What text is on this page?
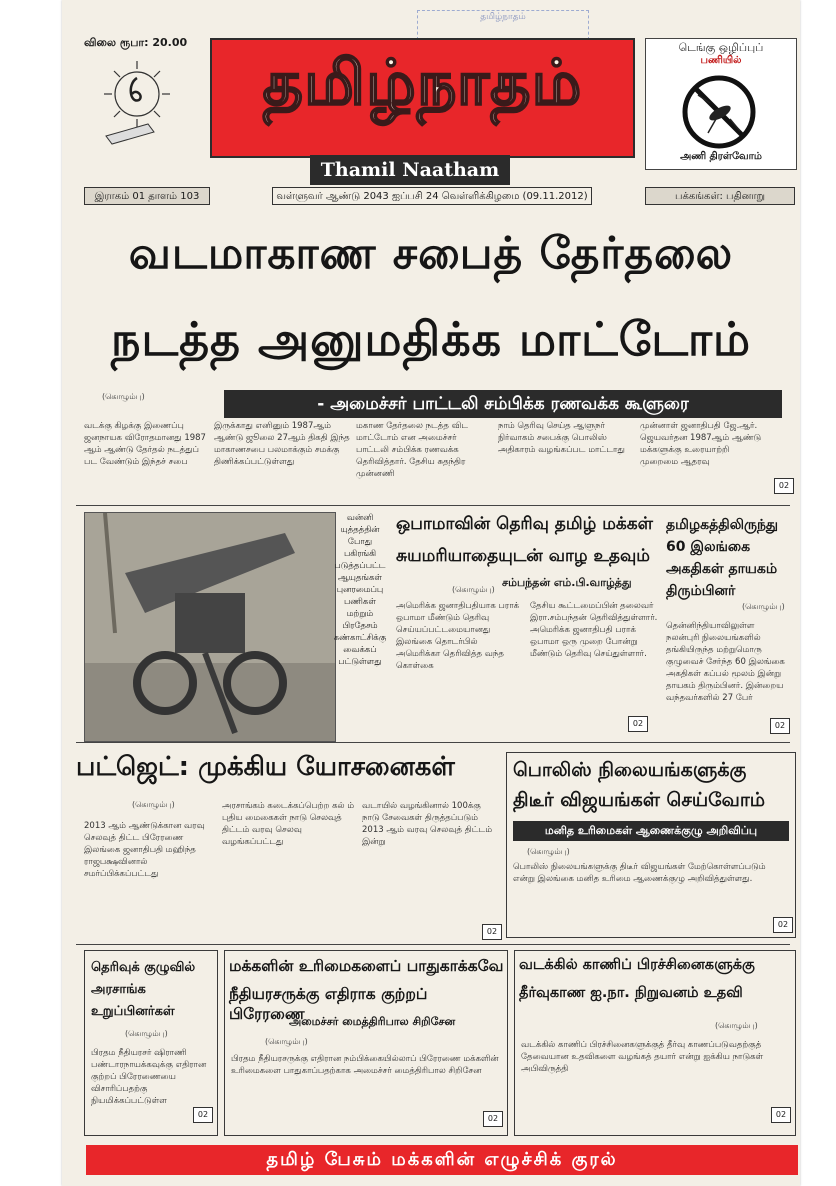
தமிழ்நாதம்
விலை ரூபா: 20.00
தமிழ்நாதம்
Thamil Naatham
டெங்கு ஒழிப்புப்
பணியில்
அணி திரள்வோம்
இராகம் 01 தாளம் 103	வள்ளுவர் ஆண்டு 2043 ஐப்பசி 24 வெள்ளிக்கிழமை (09.11.2012)	பக்கங்கள்: பதினாறு
வடமாகாண சபைத் தேர்தலை
நடத்த அனுமதிக்க மாட்டோம்
- அமைச்சர் பாட்டலி சம்பிக்க ரணவக்க கூளுரை
(கொழும்பு)
வடக்கு கிழக்கு இணைப்பு ஜனநாயக விரோதமானது 1987 ஆம் ஆண்டு தேர்தல் நடத்துப் பட வேண்டும் இந்தச் சபை
இருக்காது எனினும் 1987ஆம் ஆண்டு ஜூலை 27ஆம் திகதி இந்த மாகாணசபை பலமாக்கும் சமக்கு திணிக்கப்பட்டுள்ளது
மகாண தேர்தலை நடத்த விட மாட்டோம் என அமைச்சர் பாட்டலி சம்பிக்க ரணவக்க தெரிவித்தார். தேசிய சுதந்திர முன்னணி
நாம் தெரிவு செய்த ஆளுநர் நிர்வாகம் சபைக்கு பொலிஸ் அதிகாரம் வழங்கப்பட மாட்டாது
முன்னாள் ஜனாதிபதி ஜே.ஆர். ஜெயவர்தன 1987ஆம் ஆண்டு மக்களுக்கு உரையாற்றி முறைமை ஆதரவு
02
வன்னி யுத்தத்தின் போது பகிரங்கி படுத்தப்பட்ட ஆயுதங்கள் புனரமைப்பு பணிகள் மற்றும் பிரதேசம் கண்காட்சிக்கு வைக்கப் பட்டுள்ளது
ஒபாமாவின் தெரிவு தமிழ் மக்கள்
சுயமரியாதையுடன் வாழ உதவும்
சம்பந்தன் எம்.பி.வாழ்த்து
(கொழும்பு)
அமெரிக்க ஜனாதிபதியாக பராக் ஒபாமா மீண்டும் தெரிவு செய்யப்பட்டமையானது இலங்கை தொடர்பில் அமெரிக்கா தெரிவித்த வந்த கொள்கை
தேசிய கூட்டமைப்பின் தலைவர் இரா.சம்பந்தன் தெரிவித்துள்ளார். அமெரிக்க ஜனாதிபதி பராக் ஒபாமா ஒரு முறை போன்று மீண்டும் தெரிவு செய்துள்ளார்.
02
தமிழகத்திலிருந்து 60 இலங்கை அகதிகள் தாயகம் திரும்பினர்
(கொழும்பு)
தென்னிந்தியாவிலுள்ள நலன்புரி நிலையங்களில் தங்கியிருந்த மற்றுமொரு குழுவைச் சேர்ந்த 60 இலங்கை அகதிகள் கப்பல் மூலம் இன்று தாயகம் திரும்பினர். இன்றைய வந்தவர்களில் 27 பேர்
02
பட்ஜெட்: முக்கிய யோசனைகள்
(கொழும்பு)
2013 ஆம் ஆண்டுக்கான வரவு செலவுத் திட்ட பிரேரணை இலங்கை ஜனாதிபதி மஹிந்த ராஜபக்ஷவினால் சமர்ப்பிக்கப்பட்டது
அரசாங்கம் கடைக்கப்பெற்ற கல் ம் புதிய மைகைகள் நாடு செலவுத் திட்டம் வரவு செலவு வழங்கப்பட்டது
வடாயில் வழங்கினால் 100க்கு நாடு சேவைகள் திருத்தப்படும் 2013 ஆம் வரவு செலவுத் திட்டம் இன்று
02
பொலிஸ் நிலையங்களுக்கு
திடீர் விஜயங்கள் செய்வோம்
மனித உரிமைகள் ஆணைக்குழு அறிவிப்பு
(கொழும்பு)
பொலிஸ் நிலையங்களுக்கு திடீர் விஜயங்கள் மேற்கொள்ளப்படும் என்று இலங்கை மனித உரிமை ஆணைக்குழு அறிவித்துள்ளது.
02
தெரிவுக் குழுவில் அரசாங்க உறுப்பினர்கள்
(கொழும்பு)
பிரதம நீதியரசர் ஷிராணி பண்டாரநாயக்கவுக்கு எதிரான குற்றப் பிரேரணையை விசாரிப்பதற்கு நியமிக்கப்பட்டுள்ள
02
மக்களின் உரிமைகளைப் பாதுகாக்கவே
நீதியரசருக்கு எதிராக குற்றப் பிரேரணை
அமைச்சர் மைத்திரிபால சிறிசேன
(கொழும்பு)
பிரதம நீதியரசருக்கு எதிரான நம்பிக்கையில்லாப் பிரேரணை மக்களின் உரிமைகளை பாதுகாப்பதற்காக அமைச்சர் மைத்திரிபால சிறிசேன
02
வடக்கில் காணிப் பிரச்சினைகளுக்கு
தீர்வுகாண ஐ.நா. நிறுவனம் உதவி
(கொழும்பு)
வடக்கில் காணிப் பிரச்சினைகளுக்குத் தீர்வு காணப்படுவதற்குத் தேவையான உதவிகளை வழங்கத் தயார் என்று ஐக்கிய நாடுகள் அபிவிருத்தி
02
தமிழ் பேசும் மக்களின் எழுச்சிக் குரல்
